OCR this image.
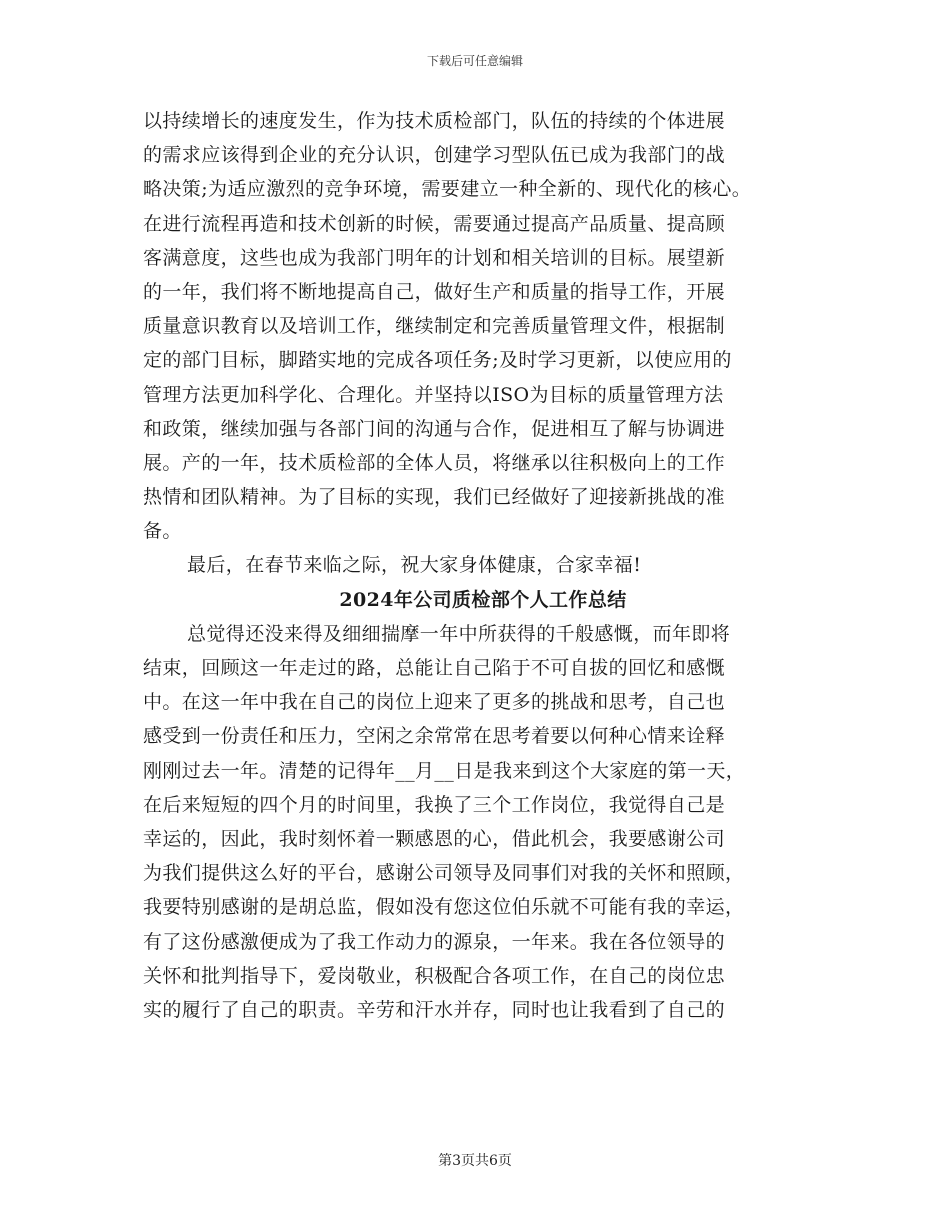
下载后可任意编辑
以持续增长的速度发生，作为技术质检部门，队伍的持续的个体进展
的需求应该得到企业的充分认识，创建学习型队伍已成为我部门的战
略决策;为适应激烈的竞争环境，需要建立一种全新的、现代化的核心。
在进行流程再造和技术创新的时候，需要通过提高产品质量、提高顾
客满意度，这些也成为我部门明年的计划和相关培训的目标。展望新
的一年，我们将不断地提高自己，做好生产和质量的指导工作，开展
质量意识教育以及培训工作，继续制定和完善质量管理文件，根据制
定的部门目标，脚踏实地的完成各项任务;及时学习更新，以使应用的
管理方法更加科学化、合理化。并坚持以ISO为目标的质量管理方法
和政策，继续加强与各部门间的沟通与合作，促进相互了解与协调进
展。产的一年，技术质检部的全体人员，将继承以往积极向上的工作
热情和团队精神。为了目标的实现，我们已经做好了迎接新挑战的准
备。
最后，在春节来临之际，祝大家身体健康，合家幸福!
2024年公司质检部个人工作总结
总觉得还没来得及细细揣摩一年中所获得的千般感慨，而年即将
结束，回顾这一年走过的路，总能让自己陷于不可自拔的回忆和感慨
中。在这一年中我在自己的岗位上迎来了更多的挑战和思考，自己也
感受到一份责任和压力，空闲之余常常在思考着要以何种心情来诠释
刚刚过去一年。清楚的记得年__月__日是我来到这个大家庭的第一天，
在后来短短的四个月的时间里，我换了三个工作岗位，我觉得自己是
幸运的，因此，我时刻怀着一颗感恩的心，借此机会，我要感谢公司
为我们提供这么好的平台，感谢公司领导及同事们对我的关怀和照顾，
我要特别感谢的是胡总监，假如没有您这位伯乐就不可能有我的幸运，
有了这份感激便成为了我工作动力的源泉，一年来。我在各位领导的
关怀和批判指导下，爱岗敬业，积极配合各项工作，在自己的岗位忠
实的履行了自己的职责。辛劳和汗水并存，同时也让我看到了自己的
第3页共6页
